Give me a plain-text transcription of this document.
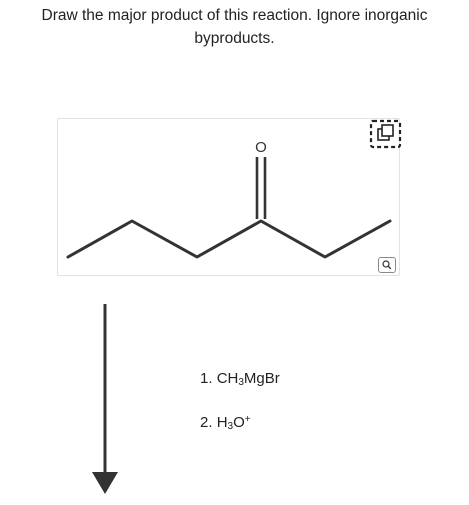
Draw the major product of this reaction. Ignore inorganic
byproducts.
O
1. $CH_3MgBr$
2. $H_3O^+$
